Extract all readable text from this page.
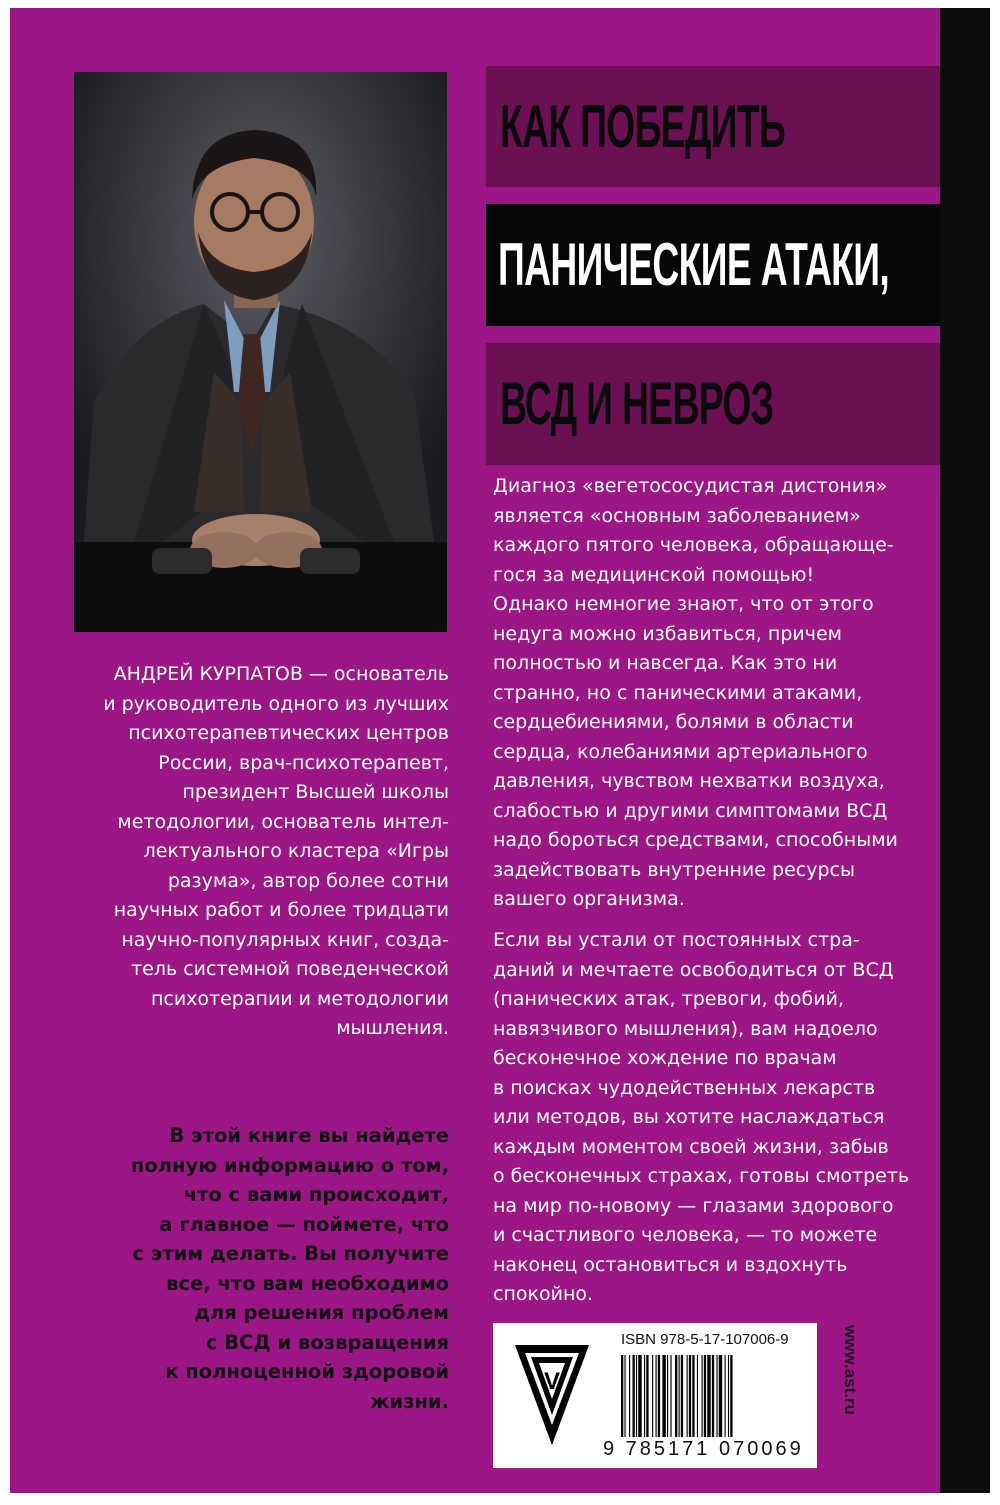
КАК ПОБЕДИТЬ
ПАНИЧЕСКИЕ АТАКИ,
ВСД И НЕВРОЗ
Диагноз «вегетососудистая дистония»
является «основным заболеванием»
каждого пятого человека, обращающе-
гося за медицинской помощью!
Однако немногие знают, что от этого
недуга можно избавиться, причем
полностью и навсегда. Как это ни
странно, но с паническими атаками,
сердцебиениями, болями в области
сердца, колебаниями артериального
давления, чувством нехватки воздуха,
слабостью и другими симптомами ВСД
надо бороться средствами, способными
задействовать внутренние ресурсы
вашего организма.
Если вы устали от постоянных стра-
даний и мечтаете освободиться от ВСД
(панических атак, тревоги, фобий,
навязчивого мышления), вам надоело
бесконечное хождение по врачам
в поисках чудодейственных лекарств
или методов, вы хотите наслаждаться
каждым моментом своей жизни, забыв
о бесконечных страхах, готовы смотреть
на мир по-новому — глазами здорового
и счастливого человека, — то можете
наконец остановиться и вздохнуть
спокойно.
АНДРЕЙ КУРПАТОВ — основатель
и руководитель одного из лучших
психотерапевтических центров
России, врач-психотерапевт,
президент Высшей школы
методологии, основатель интел-
лектуального кластера «Игры
разума», автор более сотни
научных работ и более тридцати
научно-популярных книг, созда-
тель системной поведенческой
психотерапии и методологии
мышления.
В этой книге вы найдете
полную информацию о том,
что с вами происходит,
а главное — поймете, что
с этим делать. Вы получите
все, что вам необходимо
для решения проблем
с ВСД и возвращения
к полноценной здоровой
жизни.
V
ISBN 978-5-17-107006-9
9 785171 070069
www.ast.ru
